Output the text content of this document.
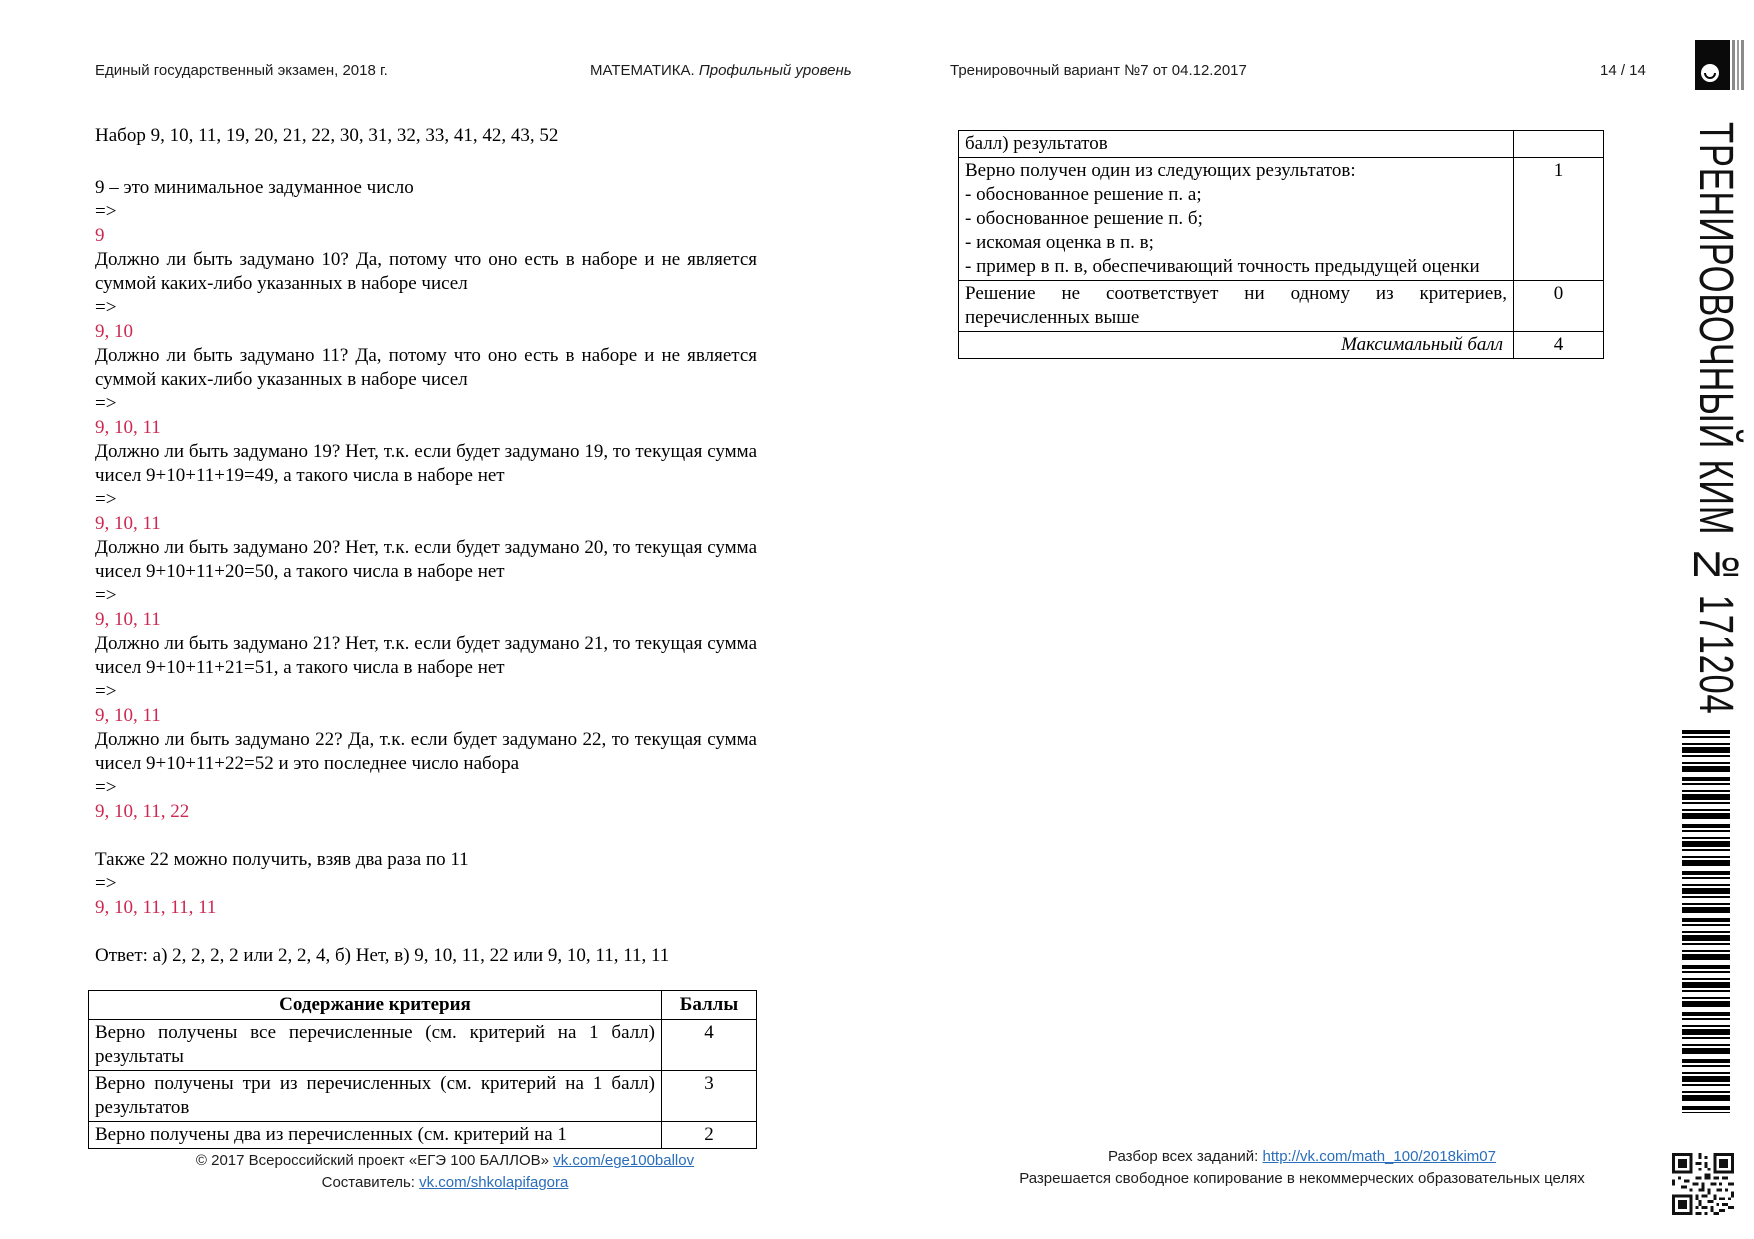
Единый государственный экзамен, 2018 г.	МАТЕМАТИКА. Профильный уровень	Тренировочный вариант №7 от 04.12.2017	14 / 14
Набор 9, 10, 11, 19, 20, 21, 22, 30, 31, 32, 33, 41, 42, 43, 52
9 – это минимальное задуманное число
=>
9
Должно ли быть задумано 10? Да, потому что оно есть в наборе и не является суммой каких-либо указанных в наборе чисел
=>
9, 10
Должно ли быть задумано 11? Да, потому что оно есть в наборе и не является суммой каких-либо указанных в наборе чисел
=>
9, 10, 11
Должно ли быть задумано 19? Нет, т.к. если будет задумано 19, то текущая сумма чисел 9+10+11+19=49, а такого числа в наборе нет
=>
9, 10, 11
Должно ли быть задумано 20? Нет, т.к. если будет задумано 20, то текущая сумма чисел 9+10+11+20=50, а такого числа в наборе нет
=>
9, 10, 11
Должно ли быть задумано 21? Нет, т.к. если будет задумано 21, то текущая сумма чисел 9+10+11+21=51, а такого числа в наборе нет
=>
9, 10, 11
Должно ли быть задумано 22? Да, т.к. если будет задумано 22, то текущая сумма чисел 9+10+11+22=52 и это последнее число набора
=>
9, 10, 11, 22
Также 22 можно получить, взяв два раза по 11
=>
9, 10, 11, 11, 11
Ответ: а) 2, 2, 2, 2 или 2, 2, 4, б) Нет, в) 9, 10, 11, 22 или 9, 10, 11, 11, 11
Содержание критерия	Баллы
Верно получены все перечисленные (см. критерий на 1 балл) результаты	4
Верно получены три из перечисленных (см. критерий на 1 балл) результатов	3
Верно получены два из перечисленных (см. критерий на 1	2
балл) результатов	

Верно получен один из следующих результатов:
- обоснованное решение п. а;
- обоснованное решение п. б;
- искомая оценка в п. в;
- пример в п. в, обеспечивающий точность предыдущей оценки	1
Решение не соответствует ни одному из критериев, перечисленных выше	0
Максимальный балл	4	ТРЕНИРОВОЧНЫЙ КИМ № 171204
© 2017 Всероссийский проект «ЕГЭ 100 БАЛЛОВ» vk.com/ege100ballov
Составитель: vk.com/shkolapifagora
Разбор всех заданий: http://vk.com/math_100/2018kim07
Разрешается свободное копирование в некоммерческих образовательных целях
